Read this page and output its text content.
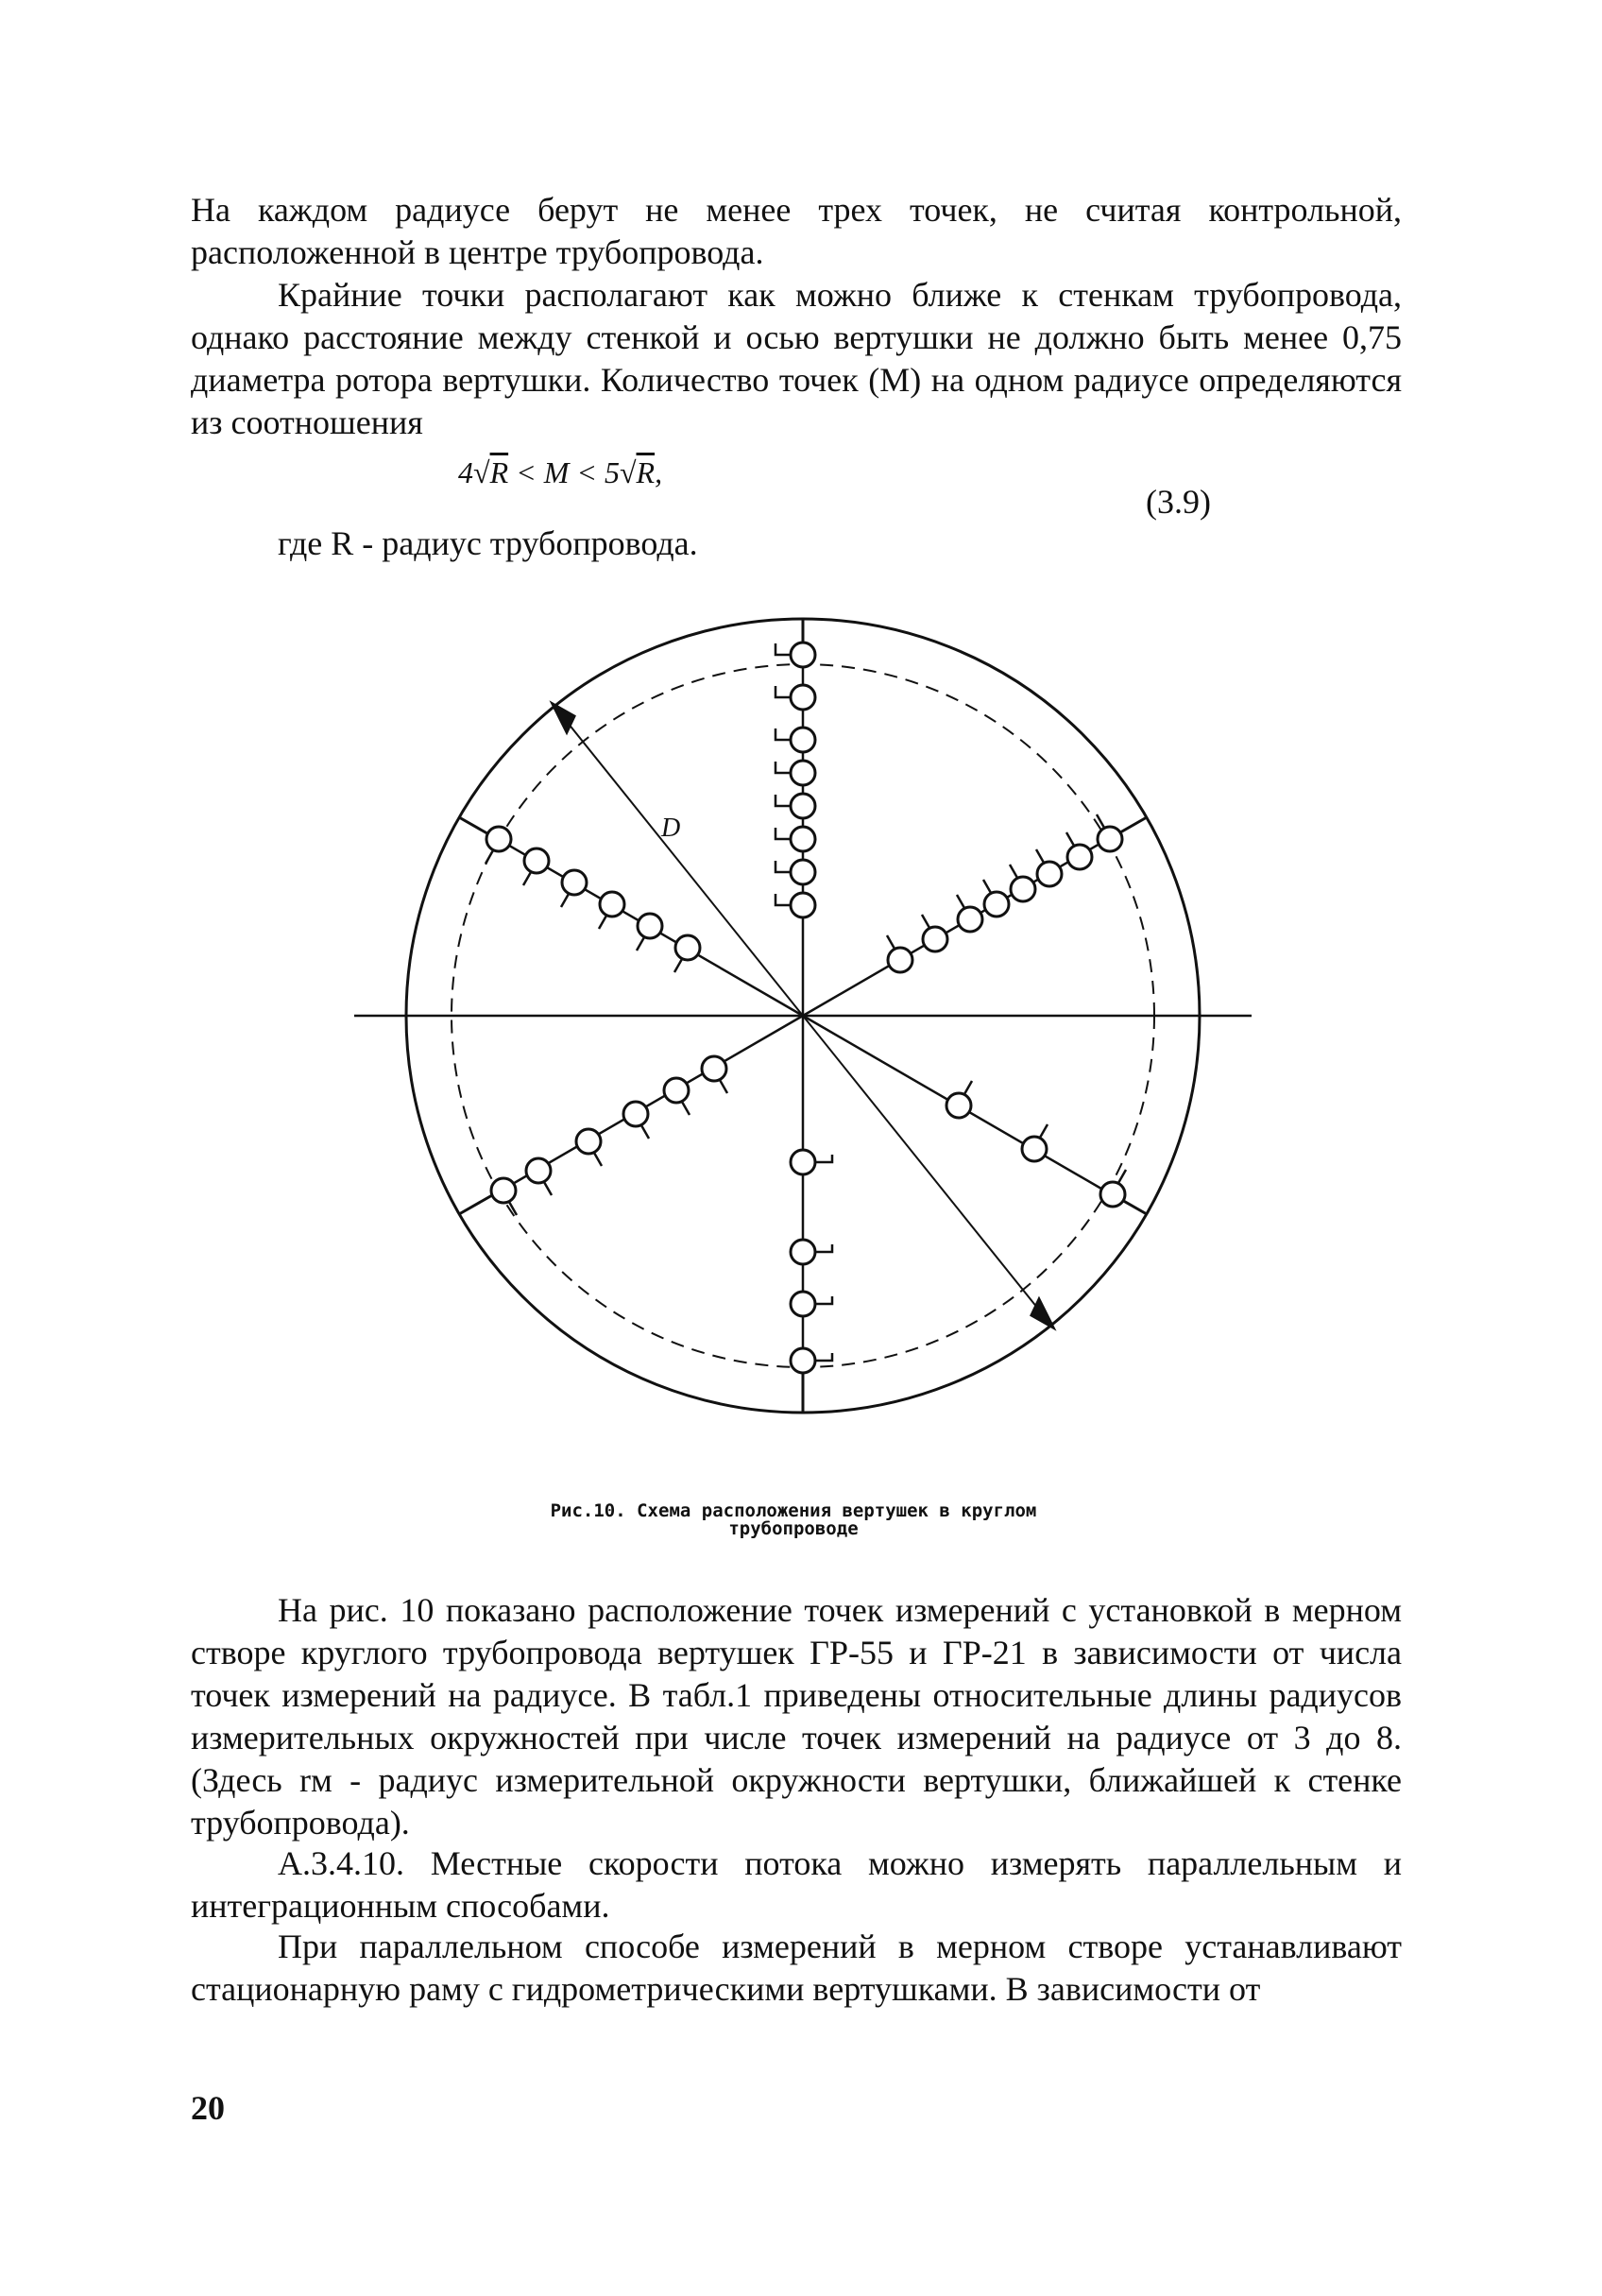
На каждом радиусе берут не менее трех точек, не считая контрольной, расположенной в центре трубопровода.

Крайние точки располагают как можно ближе к стенкам трубопровода, однако расстояние между стенкой и осью вертушки не должно быть менее 0,75 диаметра ротора вертушки. Количество точек (М) на одном радиусе определяются из соотношения

4√R < M < 5√R,
(3.9)
где R - радиус трубопровода.
D
Рис.10. Схема расположения вертушек в круглом
трубопроводе

На рис. 10 показано расположение точек измерений с установкой в мерном створе круглого трубопровода вертушек ГР-55 и ГР-21 в зависимости от числа точек измерений на радиусе. В табл.1 приведены относительные длины радиусов измерительных окружностей при числе точек измерений на радиусе от 3 до 8. (Здесь rм - радиус измерительной окружности вертушки, ближайшей к стенке трубопровода).

А.3.4.10. Местные скорости потока можно измерять параллельным и интеграционным способами.

При параллельном способе измерений в мерном створе устанавливают стационарную раму с гидрометрическими вертушками. В зависимости от

20
